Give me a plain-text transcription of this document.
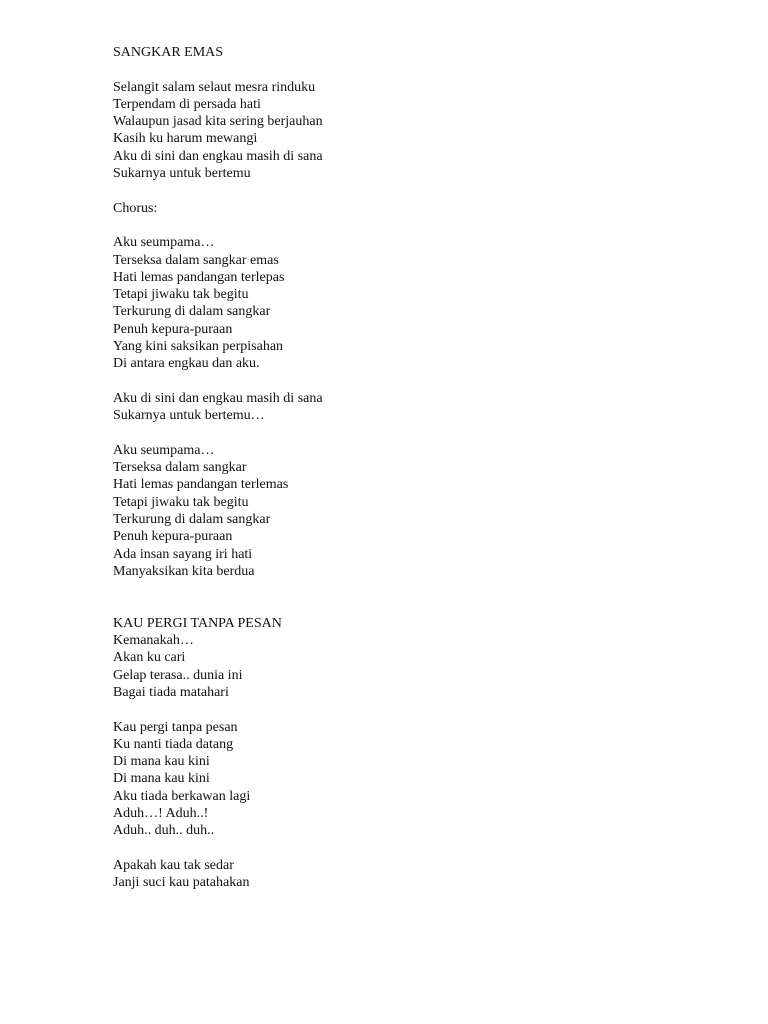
SANGKAR EMAS
Selangit salam selaut mesra rinduku
Terpendam di persada hati
Walaupun jasad kita sering berjauhan
Kasih ku harum mewangi
Aku di sini dan engkau masih di sana
Sukarnya untuk bertemu
Chorus:
Aku seumpama…
Terseksa dalam sangkar emas
Hati lemas pandangan terlepas
Tetapi jiwaku tak begitu
Terkurung di dalam sangkar
Penuh kepura-puraan
Yang kini saksikan perpisahan
Di antara engkau dan aku.
Aku di sini dan engkau masih di sana
Sukarnya untuk bertemu…
Aku seumpama…
Terseksa dalam sangkar
Hati lemas pandangan terlemas
Tetapi jiwaku tak begitu
Terkurung di dalam sangkar
Penuh kepura-puraan
Ada insan sayang iri hati
Manyaksikan kita berdua
KAU PERGI TANPA PESAN
Kemanakah…
Akan ku cari
Gelap terasa.. dunia ini
Bagai tiada matahari
Kau pergi tanpa pesan
Ku nanti tiada datang
Di mana kau kini
Di mana kau kini
Aku tiada berkawan lagi
Aduh…! Aduh..!
Aduh.. duh.. duh..
Apakah kau tak sedar
Janji suci kau patahakan
